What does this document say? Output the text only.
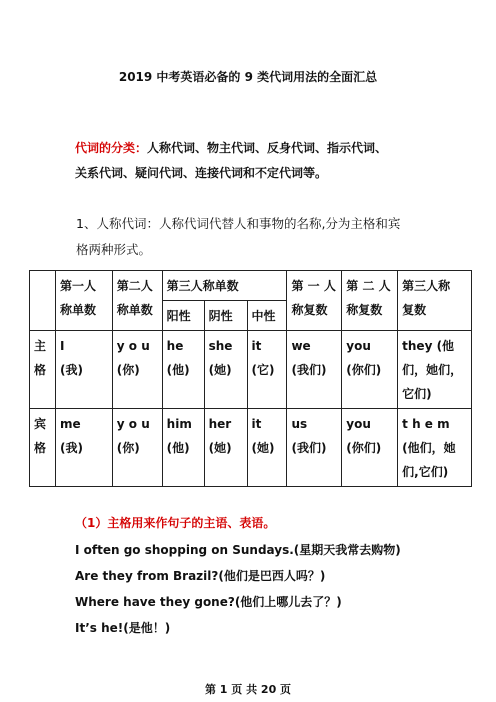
2019 中考英语必备的 9 类代词用法的全面汇总
代词的分类：人称代词、物主代词、反身代词、指示代词、
关系代词、疑问代词、连接代词和不定代词等。
1、人称代词：人称代词代替人和事物的名称,分为主格和宾
格两种形式。
	第一人
称单数	第二人
称单数	第三人称单数			第 一 人
称复数	第 二 人
称复数	第三人称
复数
			阳性	阴性	中性			
主
格	I
(我)	y o u
(你)	he
(他)	she
(她)	it
(它)	we
(我们)	you
(你们)	they (他
们，她们，
它们)
宾
格	me
(我)	y o u
(你)	him
(他)	her
(她)	it
(她)	us
(我们)	you
(你们)	t h e m
(他们，她
们,它们)
（1）主格用来作句子的主语、表语。
I often go shopping on Sundays.(星期天我常去购物)
Are they from Brazil?(他们是巴西人吗？)
Where have they gone?(他们上哪儿去了？)
It’s he!(是他！)
第 1 页 共 20 页
